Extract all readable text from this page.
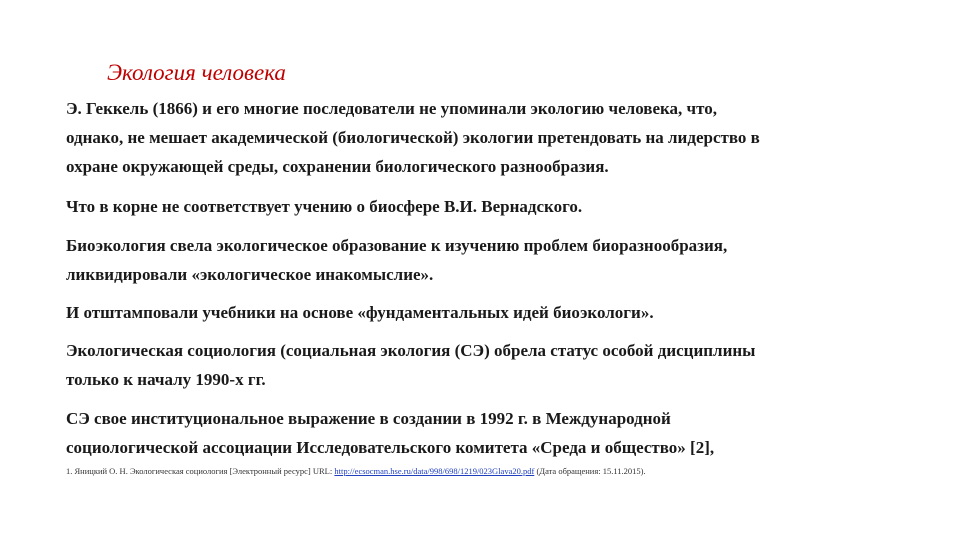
Экология человека

Э. Геккель (1866) и его многие последователи не упоминали экологию человека, что,
однако, не мешает академической (биологической) экологии претендовать на лидерство в
охране окружающей среды, сохранении биологического разнообразия.

Что в корне не соответствует учению о биосфере В.И. Вернадского.

Биоэкология свела экологическое образование к изучению проблем биоразнообразия,
ликвидировали «экологическое инакомыслие».

И отштамповали учебники на основе «фундаментальных идей биоэкологи».

Экологическая социология (социальная экология (СЭ) обрела статус особой дисциплины
только к началу 1990-х гг.

СЭ свое институциональное выражение в создании в 1992 г. в Международной
социологической ассоциации Исследовательского комитета «Среда и общество» [2],

1. Яницкий О. Н. Экологическая социология [Электронный ресурс] URL: http://ecsocman.hse.ru/data/998/698/1219/023Glava20.pdf (Дата обращения: 15.11.2015).
